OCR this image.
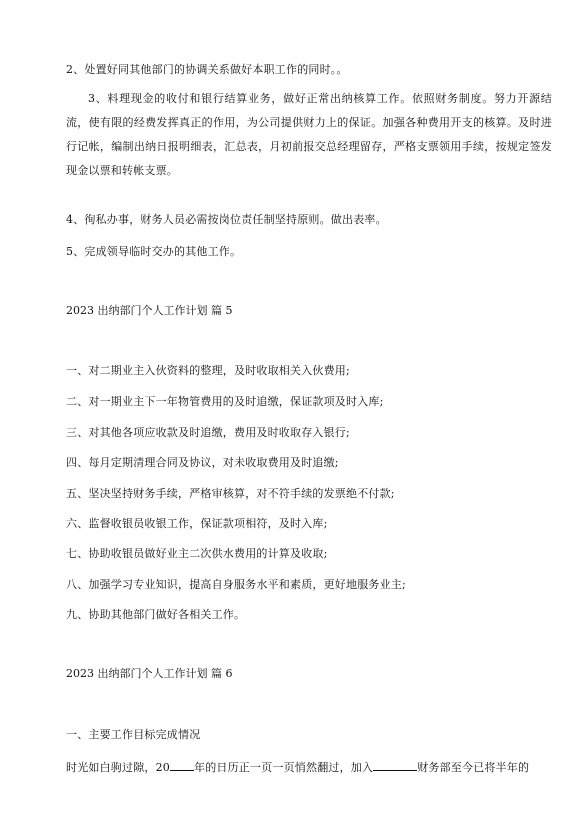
2、处置好同其他部门的协调关系做好本职工作的同时。。
3、料理现金的收付和银行结算业务，做好正常出纳核算工作。依照财务制度。努力开源结流，使有限的经费发挥真正的作用，为公司提供财力上的保证。加强各种费用开支的核算。及时进行记帐，编制出纳日报明细表，汇总表，月初前报交总经理留存，严格支票领用手续，按规定签发现金以票和转帐支票。
4、徇私办事，财务人员必需按岗位责任制坚持原则。做出表率。
5、完成领导临时交办的其他工作。
2023 出纳部门个人工作计划 篇 5
一、对二期业主入伙资料的整理，及时收取相关入伙费用;
二、对一期业主下一年物管费用的及时追缴，保证款项及时入库;
三、对其他各项应收款及时追缴，费用及时收取存入银行;
四、每月定期清理合同及协议，对未收取费用及时追缴;
五、坚决坚持财务手续，严格审核算，对不符手续的发票绝不付款;
六、监督收银员收银工作，保证款项相符，及时入库;
七、协助收银员做好业主二次供水费用的计算及收取;
八、加强学习专业知识，提高自身服务水平和素质，更好地服务业主;
九、协助其他部门做好各相关工作。
2023 出纳部门个人工作计划 篇 6
一、主要工作目标完成情况
时光如白驹过隙，20 年的日历正一页一页悄然翻过，加入	财务部至今已将半年的
